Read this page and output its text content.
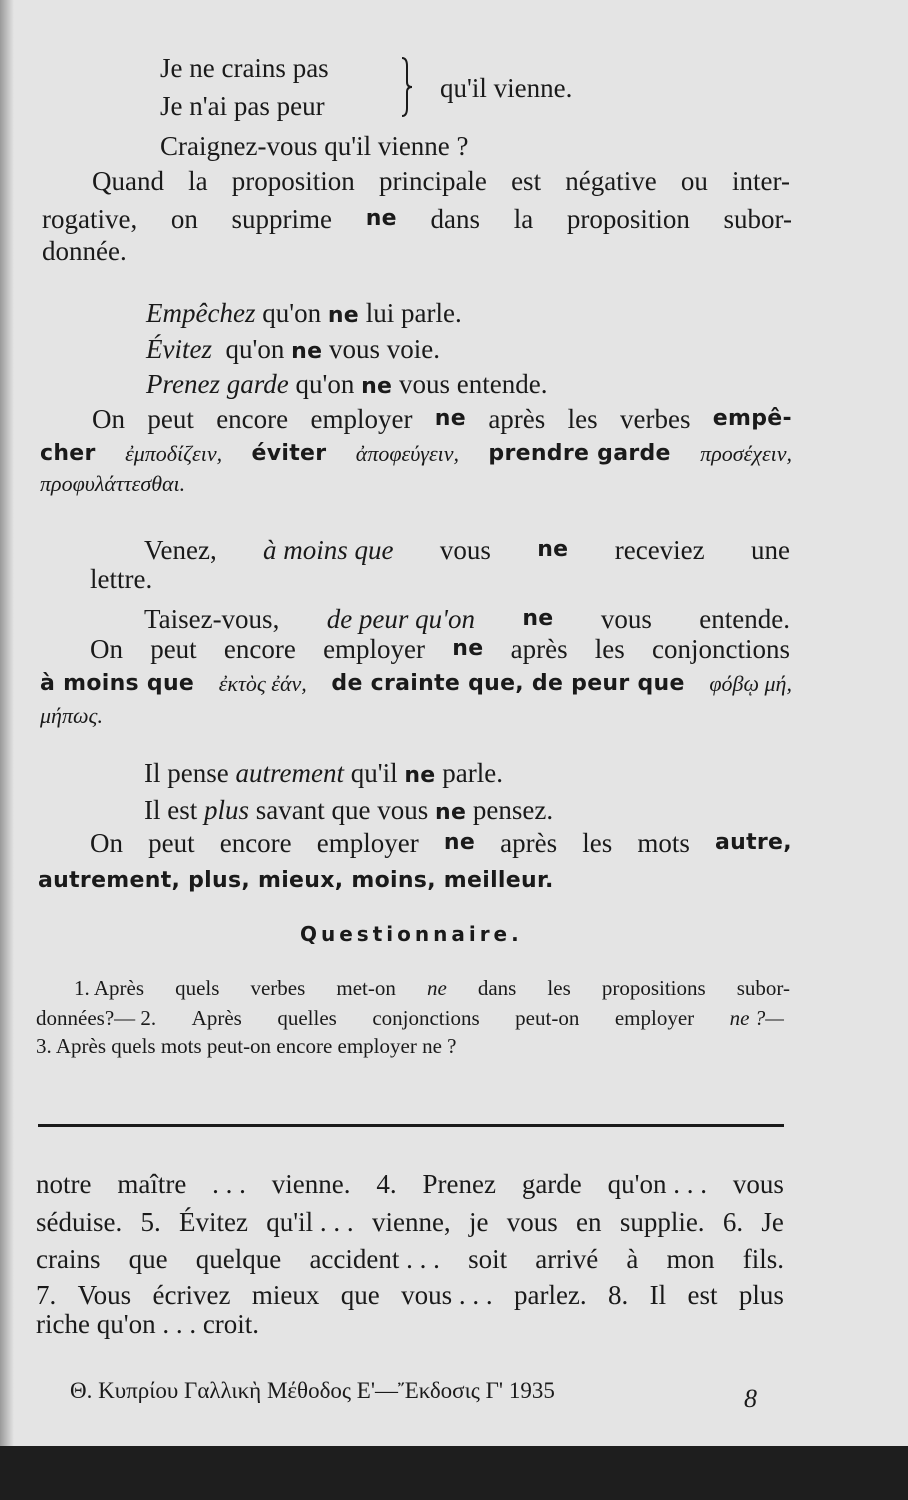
Je ne crains pas
Je n'ai pas peur
qu'il vienne.
Craignez-vous qu'il vienne ?
Quand la proposition principale est négative ou inter-
rogative, on supprime ne dans la proposition subor-
donnée.
Empêchez qu'on ne lui parle.
Évitez qu'on ne vous voie.
Prenez garde qu'on ne vous entende.
On peut encore employer ne après les verbes empê-
cher ἐμποδίζειν, éviter ἀποφεύγειν, prendre garde προσέχειν,
προφυλάττεσθαι.
Venez, à moins que vous ne receviez une
lettre.
Taisez-vous, de peur qu'on ne vous entende.
On peut encore employer ne après les conjonctions
à moins que ἐκτὸς ἐάν, de crainte que, de peur que φόβῳ μή,
μήπως.
Il pense autrement qu'il ne parle.
Il est plus savant que vous ne pensez.
On peut encore employer ne après les mots autre,
autrement, plus, mieux, moins, meilleur.
Questionnaire.
1. Après quels verbes met-on ne dans les propositions subor-
données?— 2. Après quelles conjonctions peut-on employer ne ?—
3. Après quels mots peut-on encore employer ne ?
notre maître . . . vienne. 4. Prenez garde qu'on . . . vous
séduise. 5. Évitez qu'il . . . vienne, je vous en supplie. 6. Je
crains que quelque accident . . . soit arrivé à mon fils.
7. Vous écrivez mieux que vous . . . parlez. 8. Il est plus
riche qu'on . . . croit.
Θ. Κυπρίου Γαλλικὴ Μέθοδος Ε'—Ἔκδοσις Γ' 1935	8
